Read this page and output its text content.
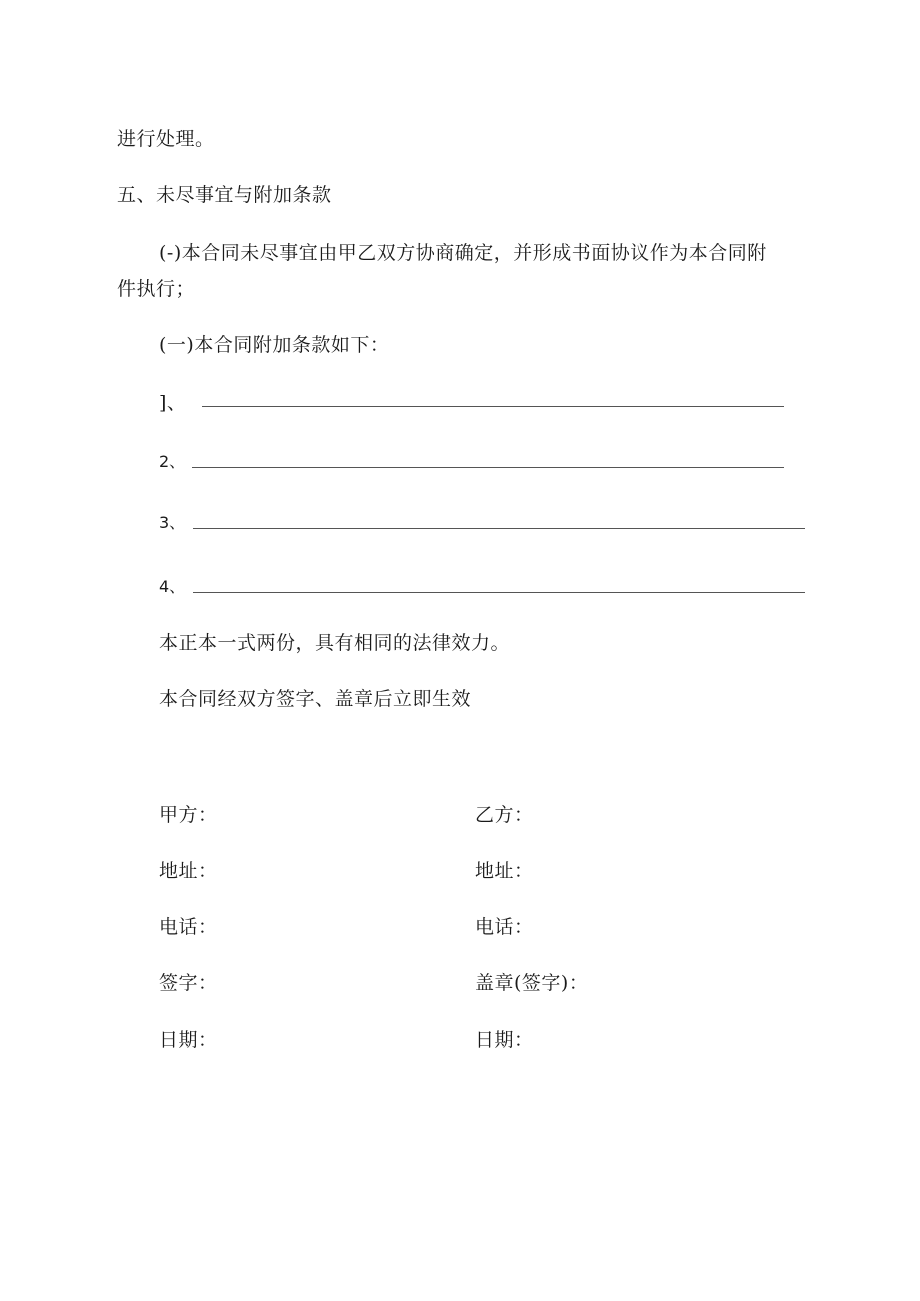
进行处理。
五、未尽事宜与附加条款
(-)本合同未尽事宜由甲乙双方协商确定，并形成书面协议作为本合同附
件执行；
(一)本合同附加条款如下：
]、
2、
3、
4、
本正本一式两份，具有相同的法律效力。
本合同经双方签字、盖章后立即生效
甲方：
地址：
电话：
签字：
日期：
乙方：
地址：
电话：
盖章(签字)：
日期：
